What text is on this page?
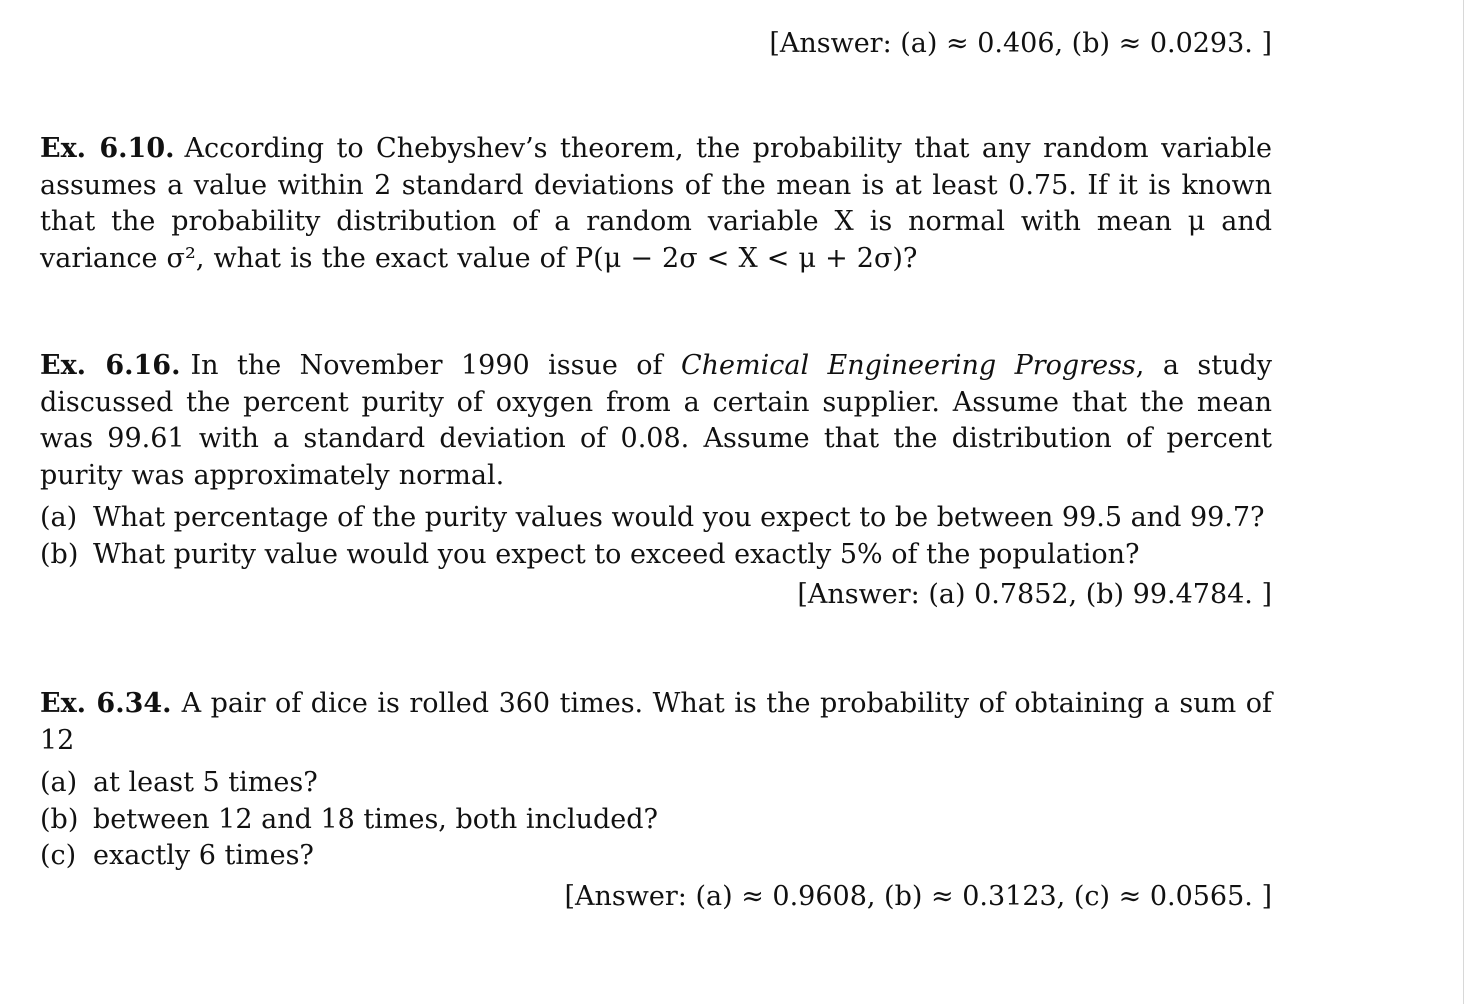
[Answer: (a) ≈ 0.406, (b) ≈ 0.0293. ]

Ex. 6.10. According to Chebyshev’s theorem, the probability that any random variable assumes a value within 2 standard deviations of the mean is at least 0.75. If it is known that the probability distribution of a random variable X is normal with mean μ and variance σ², what is the exact value of P(μ − 2σ < X < μ + 2σ)?

Ex. 6.16. In the November 1990 issue of Chemical Engineering Progress, a study discussed the percent purity of oxygen from a certain supplier. Assume that the mean was 99.61 with a standard deviation of 0.08. Assume that the distribution of percent purity was approximately normal.

(a) What percentage of the purity values would you expect to be between 99.5 and 99.7?
(b) What purity value would you expect to exceed exactly 5% of the population?

[Answer: (a) 0.7852, (b) 99.4784. ]

Ex. 6.34. A pair of dice is rolled 360 times. What is the probability of obtaining a sum of 12

(a) at least 5 times?
(b) between 12 and 18 times, both included?
(c) exactly 6 times?

[Answer: (a) ≈ 0.9608, (b) ≈ 0.3123, (c) ≈ 0.0565. ]
